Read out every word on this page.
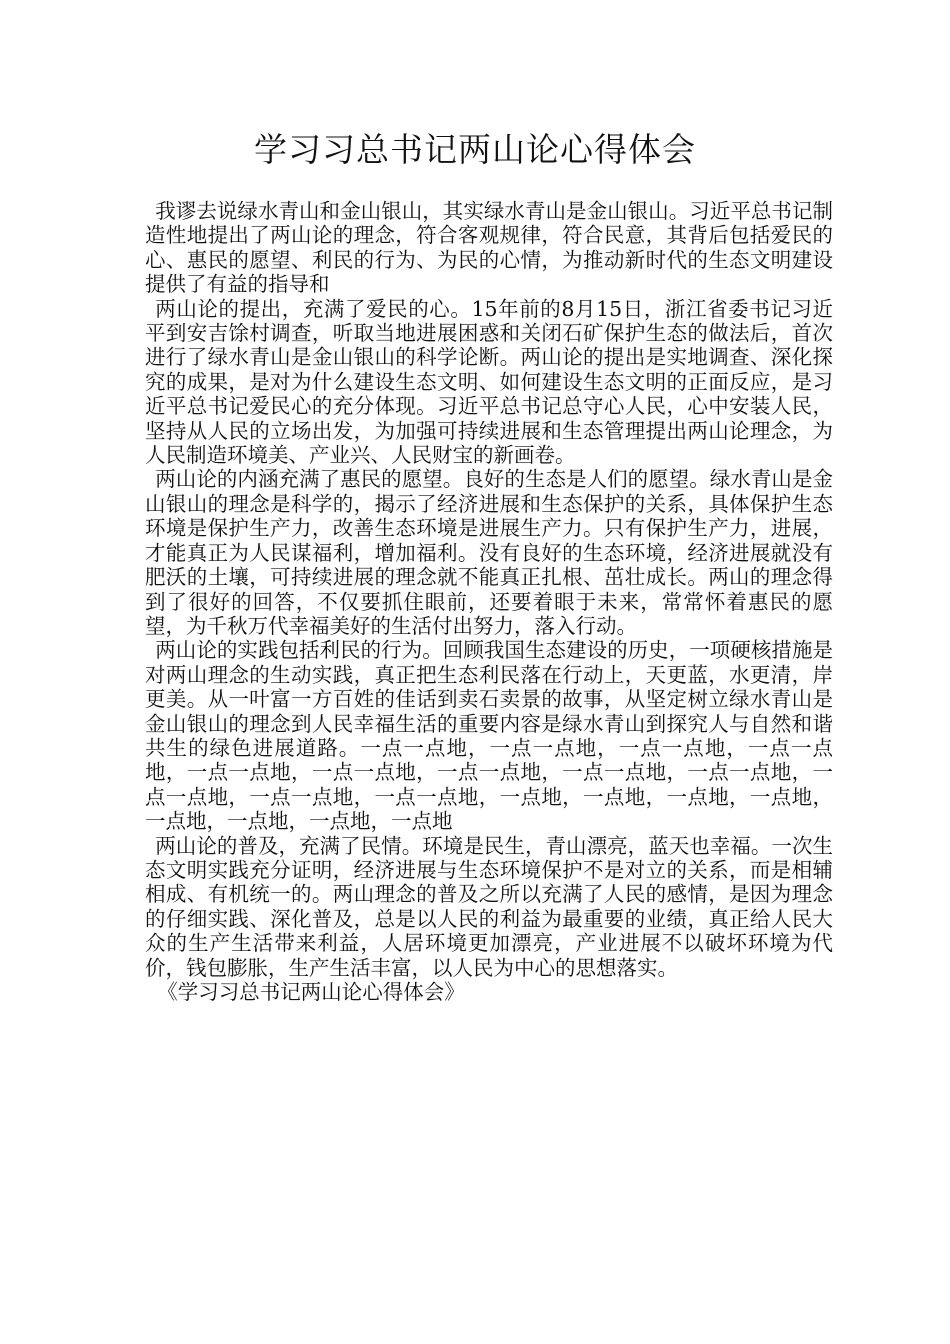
学习习总书记两山论心得体会

我谬去说绿水青山和金山银山，其实绿水青山是金山银山。习近平总书记制造性地提出了两山论的理念，符合客观规律，符合民意，其背后包括爱民的心、惠民的愿望、利民的行为、为民的心情，为推动新时代的生态文明建设提供了有益的指导和

两山论的提出，充满了爱民的心。15年前的8月15日，浙江省委书记习近平到安吉馀村调查，听取当地进展困惑和关闭石矿保护生态的做法后，首次进行了绿水青山是金山银山的科学论断。两山论的提出是实地调查、深化探究的成果，是对为什么建设生态文明、如何建设生态文明的正面反应，是习近平总书记爱民心的充分体现。习近平总书记总守心人民，心中安装人民，坚持从人民的立场出发，为加强可持续进展和生态管理提出两山论理念，为人民制造环境美、产业兴、人民财宝的新画卷。

两山论的内涵充满了惠民的愿望。良好的生态是人们的愿望。绿水青山是金山银山的理念是科学的，揭示了经济进展和生态保护的关系，具体保护生态环境是保护生产力，改善生态环境是进展生产力。只有保护生产力，进展，才能真正为人民谋福利，增加福利。没有良好的生态环境，经济进展就没有肥沃的土壤，可持续进展的理念就不能真正扎根、茁壮成长。两山的理念得到了很好的回答，不仅要抓住眼前，还要着眼于未来，常常怀着惠民的愿望，为千秋万代幸福美好的生活付出努力，落入行动。

两山论的实践包括利民的行为。回顾我国生态建设的历史，一项硬核措施是对两山理念的生动实践，真正把生态利民落在行动上，天更蓝，水更清，岸更美。从一叶富一方百姓的佳话到卖石卖景的故事，从坚定树立绿水青山是金山银山的理念到人民幸福生活的重要内容是绿水青山到探究人与自然和谐共生的绿色进展道路。一点一点地，一点一点地，一点一点地，一点一点地，一点一点地，一点一点地，一点一点地，一点一点地，一点一点地，一点一点地，一点一点地，一点一点地，一点地，一点地，一点地，一点地，一点地，一点地，一点地，一点地

两山论的普及，充满了民情。环境是民生，青山漂亮，蓝天也幸福。一次生态文明实践充分证明，经济进展与生态环境保护不是对立的关系，而是相辅相成、有机统一的。两山理念的普及之所以充满了人民的感情，是因为理念的仔细实践、深化普及，总是以人民的利益为最重要的业绩，真正给人民大众的生产生活带来利益，人居环境更加漂亮，产业进展不以破坏环境为代价，钱包膨胀，生产生活丰富，以人民为中心的思想落实。

《学习习总书记两山论心得体会》
